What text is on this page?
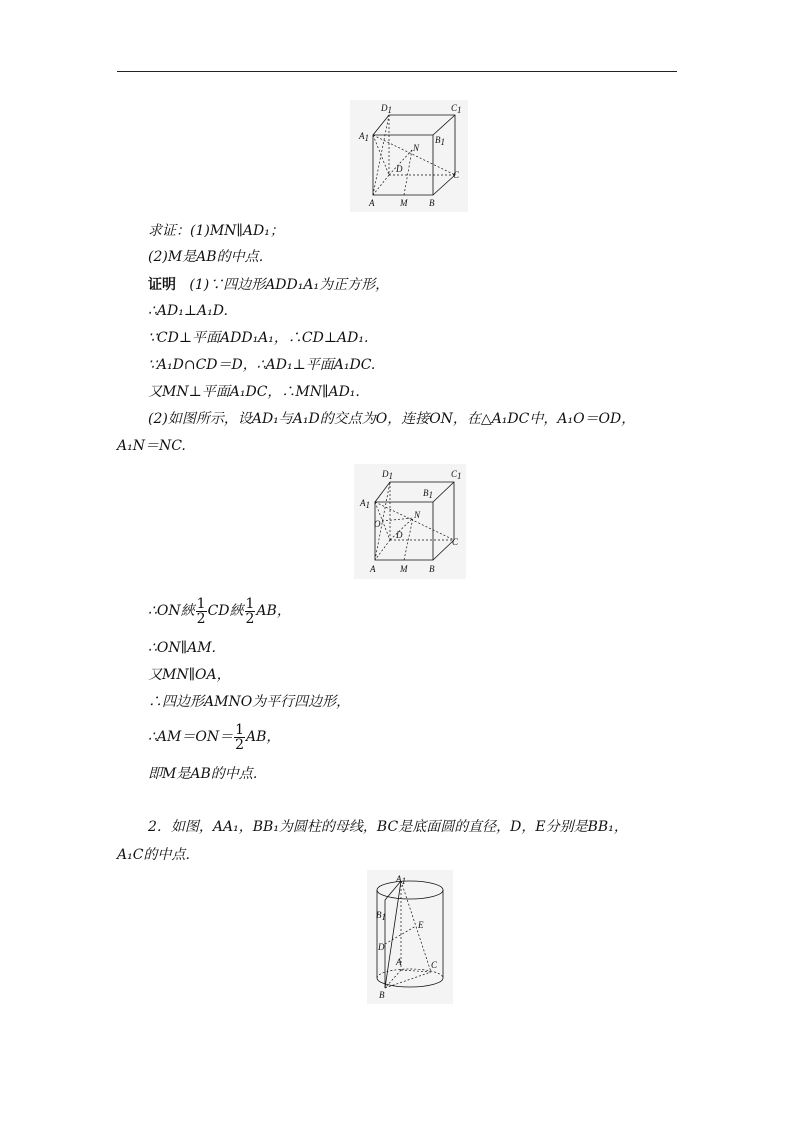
D1	C1
A1	B1
N
D
C
A	M B
求证：(1)MN∥AD₁；
(2)M是AB的中点．
证明 (1)∵四边形ADD₁A₁为正方形，
∴AD₁⊥A₁D.
∵CD⊥平面ADD₁A₁，∴CD⊥AD₁.
∵A₁D∩CD＝D，∴AD₁⊥平面A₁DC.
又MN⊥平面A₁DC，∴MN∥AD₁.
(2)如图所示，设AD₁与A₁D的交点为O，连接ON，在△A₁DC中，A₁O＝OD，
A₁N＝NC.
D1	C1
A1
B1
O
N
D
C
A	M B
∴ON綊 $\frac{1}{2}$ CD綊 $\frac{1}{2}$ AB，
∴ON∥AM.
又MN∥OA，
∴四边形AMNO为平行四边形，
∴AM＝ON＝ $\frac{1}{2}$ AB，
即M是AB的中点．
2．如图，AA₁，BB₁为圆柱的母线，BC是底面圆的直径，D，E分别是BB₁，
A₁C的中点．
A1
B1
E
D
A	C
B
